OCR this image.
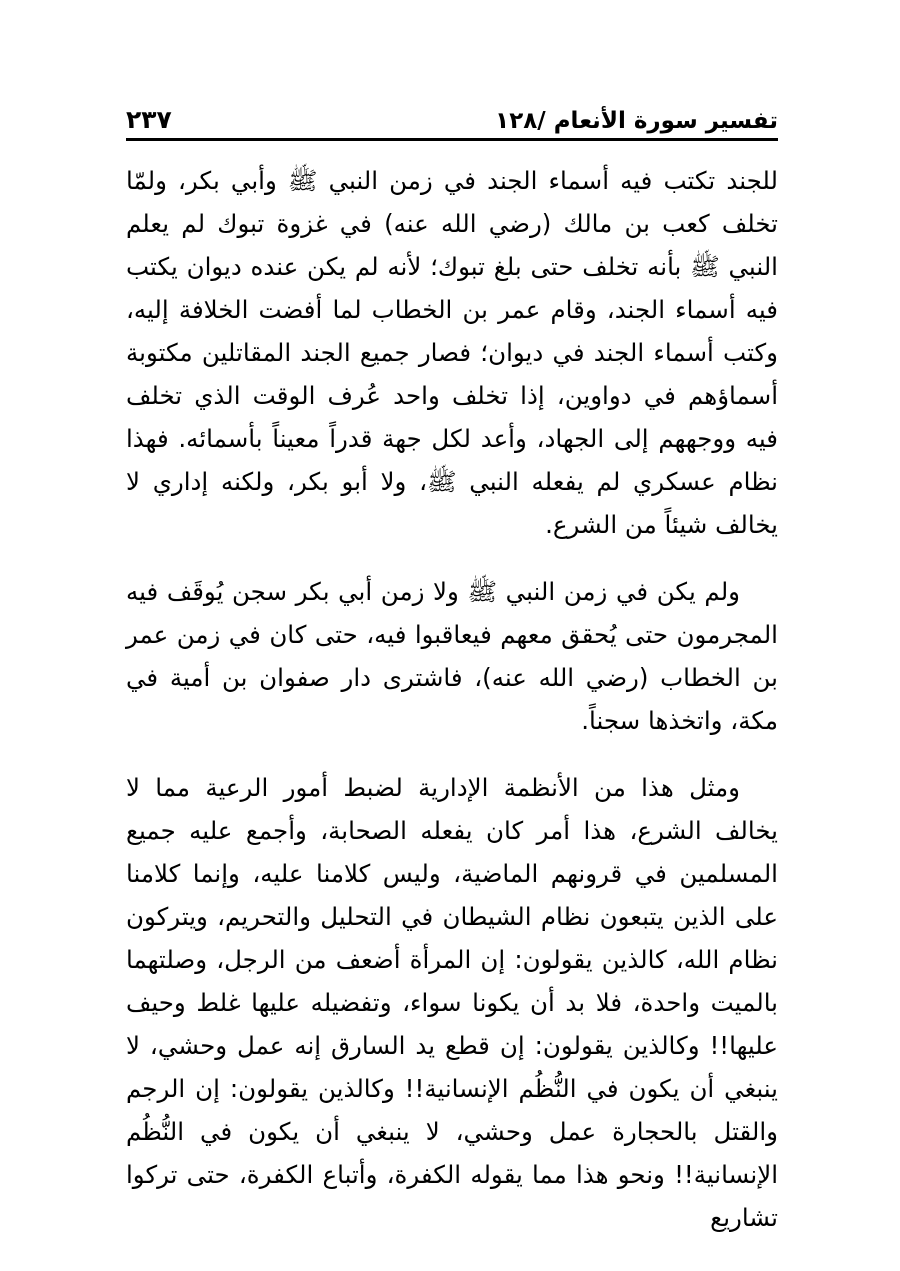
تفسير سورة الأنعام /١٢٨
٢٣٧

للجند تكتب فيه أسماء الجند في زمن النبي ﷺ وأبي بكر، ولمّا تخلف كعب بن مالك (رضي الله عنه) في غزوة تبوك لم يعلم النبي ﷺ بأنه تخلف حتى بلغ تبوك؛ لأنه لم يكن عنده ديوان يكتب فيه أسماء الجند، وقام عمر بن الخطاب لما أفضت الخلافة إليه، وكتب أسماء الجند في ديوان؛ فصار جميع الجند المقاتلين مكتوبة أسماؤهم في دواوين، إذا تخلف واحد عُرف الوقت الذي تخلف فيه ووجههم إلى الجهاد، وأعد لكل جهة قدراً معيناً بأسمائه. فهذا نظام عسكري لم يفعله النبي ﷺ، ولا أبو بكر، ولكنه إداري لا يخالف شيئاً من الشرع.

ولم يكن في زمن النبي ﷺ ولا زمن أبي بكر سجن يُوقَف فيه المجرمون حتى يُحقق معهم فيعاقبوا فيه، حتى كان في زمن عمر بن الخطاب (رضي الله عنه)، فاشترى دار صفوان بن أمية في مكة، واتخذها سجناً.

ومثل هذا من الأنظمة الإدارية لضبط أمور الرعية مما لا يخالف الشرع، هذا أمر كان يفعله الصحابة، وأجمع عليه جميع المسلمين في قرونهم الماضية، وليس كلامنا عليه، وإنما كلامنا على الذين يتبعون نظام الشيطان في التحليل والتحريم، ويتركون نظام الله، كالذين يقولون: إن المرأة أضعف من الرجل، وصلتهما بالميت واحدة، فلا بد أن يكونا سواء، وتفضيله عليها غلط وحيف عليها!! وكالذين يقولون: إن قطع يد السارق إنه عمل وحشي، لا ينبغي أن يكون في النُّظُم الإنسانية!! وكالذين يقولون: إن الرجم والقتل بالحجارة عمل وحشي، لا ينبغي أن يكون في النُّظُم الإنسانية!! ونحو هذا مما يقوله الكفرة، وأتباع الكفرة، حتى تركوا تشاريع
